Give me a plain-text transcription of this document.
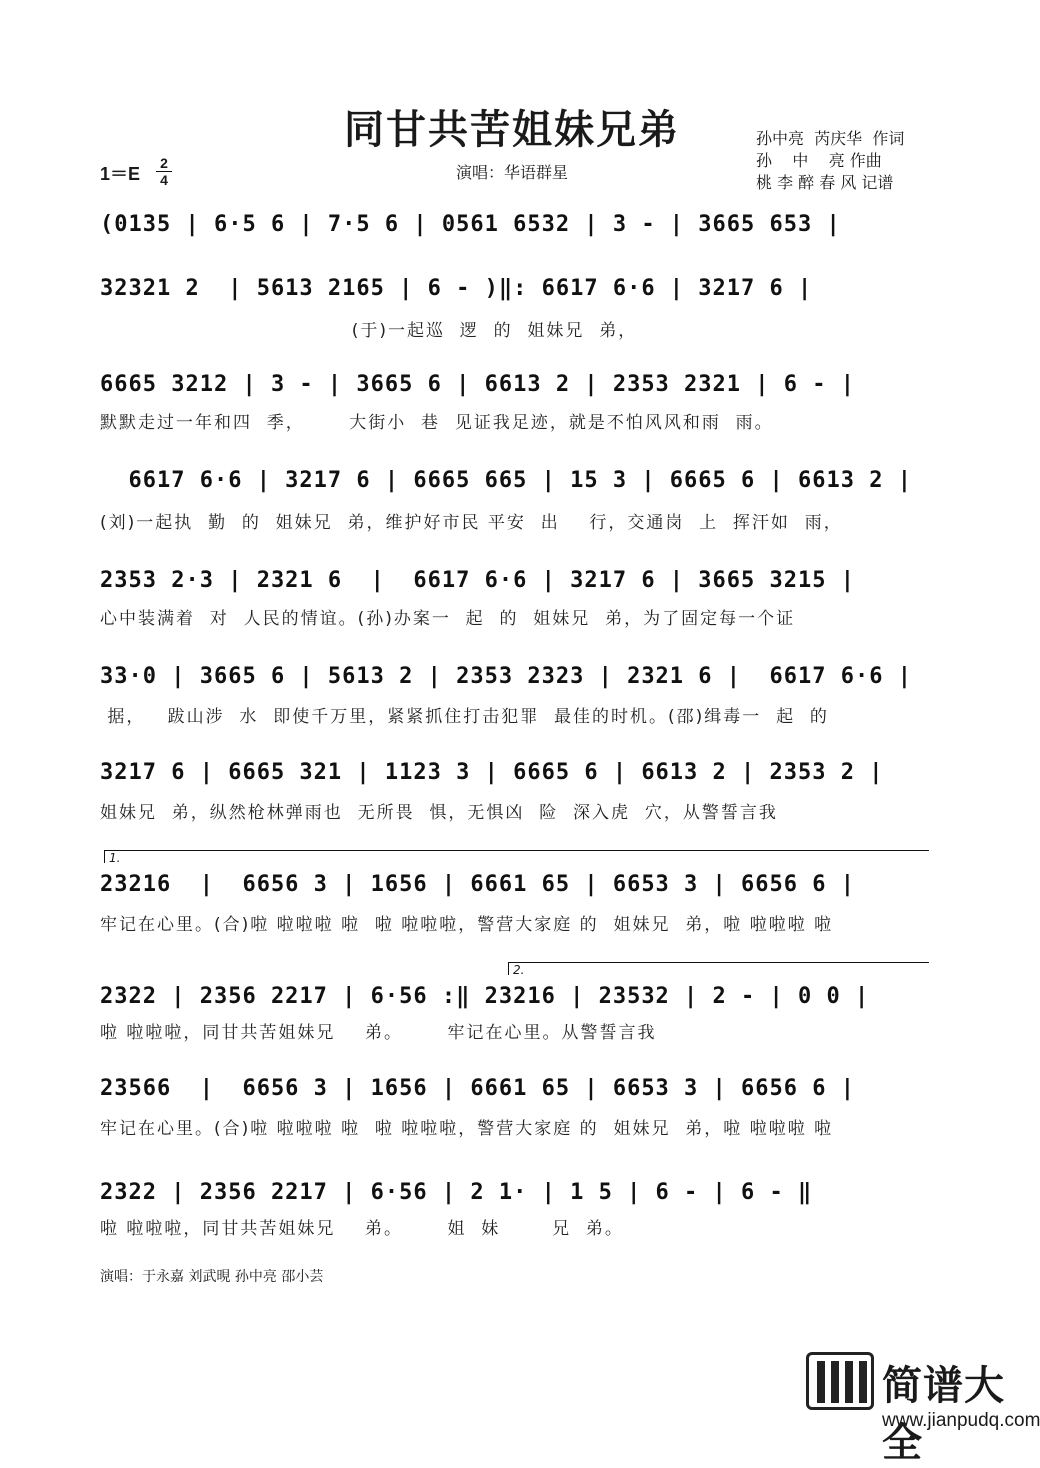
同甘共苦姐妹兄弟	孙中亮  芮庆华  作词
孙    中    亮 作曲
桃 李 醉 春 风 记谱
1＝E
2
4	演唱：华语群星
(0135 | 6·5 6 | 7·5 6 | 0561 6532 | 3 - | 3665 653 |
32321 2  | 5613 2165 | 6 - )‖: 6617 6·6 | 3217 6 |
(于)一起巡  逻  的  姐妹兄  弟，
6665 3212 | 3 - | 3665 6 | 6613 2 | 2353 2321 | 6 - |
默默走过一年和四  季，      大街小  巷  见证我足迹，就是不怕风风和雨  雨。
6617 6·6 | 3217 6 | 6665 665 | 15 3 | 6665 6 | 6613 2 |
(刘)一起执  勤  的  姐妹兄  弟，维护好市民 平安  出    行，交通岗  上  挥汗如  雨，
2353 2·3 | 2321 6  |  6617 6·6 | 3217 6 | 3665 3215 |
心中装满着  对  人民的情谊。(孙)办案一  起  的  姐妹兄  弟，为了固定每一个证
33·0 | 3665 6 | 5613 2 | 2353 2323 | 2321 6 |  6617 6·6 |
据，   跋山涉  水  即使千万里，紧紧抓住打击犯罪  最佳的时机。(邵)缉毒一  起  的
3217 6 | 6665 321 | 1123 3 | 6665 6 | 6613 2 | 2353 2 |
姐妹兄  弟，纵然枪林弹雨也  无所畏  惧，无惧凶  险  深入虎  穴，从警誓言我
1.
23216  |  6656 3 | 1656 | 6661 65 | 6653 3 | 6656 6 |
牢记在心里。(合)啦 啦啦啦 啦  啦 啦啦啦，警营大家庭 的  姐妹兄  弟，啦 啦啦啦 啦
2.
2322 | 2356 2217 | 6·56 :‖ 23216 | 23532 | 2 - | 0 0 |
啦 啦啦啦，同甘共苦姐妹兄    弟。      牢记在心里。从警誓言我
23566  |  6656 3 | 1656 | 6661 65 | 6653 3 | 6656 6 |
牢记在心里。(合)啦 啦啦啦 啦  啦 啦啦啦，警营大家庭 的  姐妹兄  弟，啦 啦啦啦 啦
2322 | 2356 2217 | 6·56 | 2 1· | 1 5 | 6 - | 6 - ‖
啦 啦啦啦，同甘共苦姐妹兄    弟。      姐  妹       兄  弟。
演唱：于永嘉 刘武晛 孙中亮 邵小芸
简谱大全
www.jianpudq.com
